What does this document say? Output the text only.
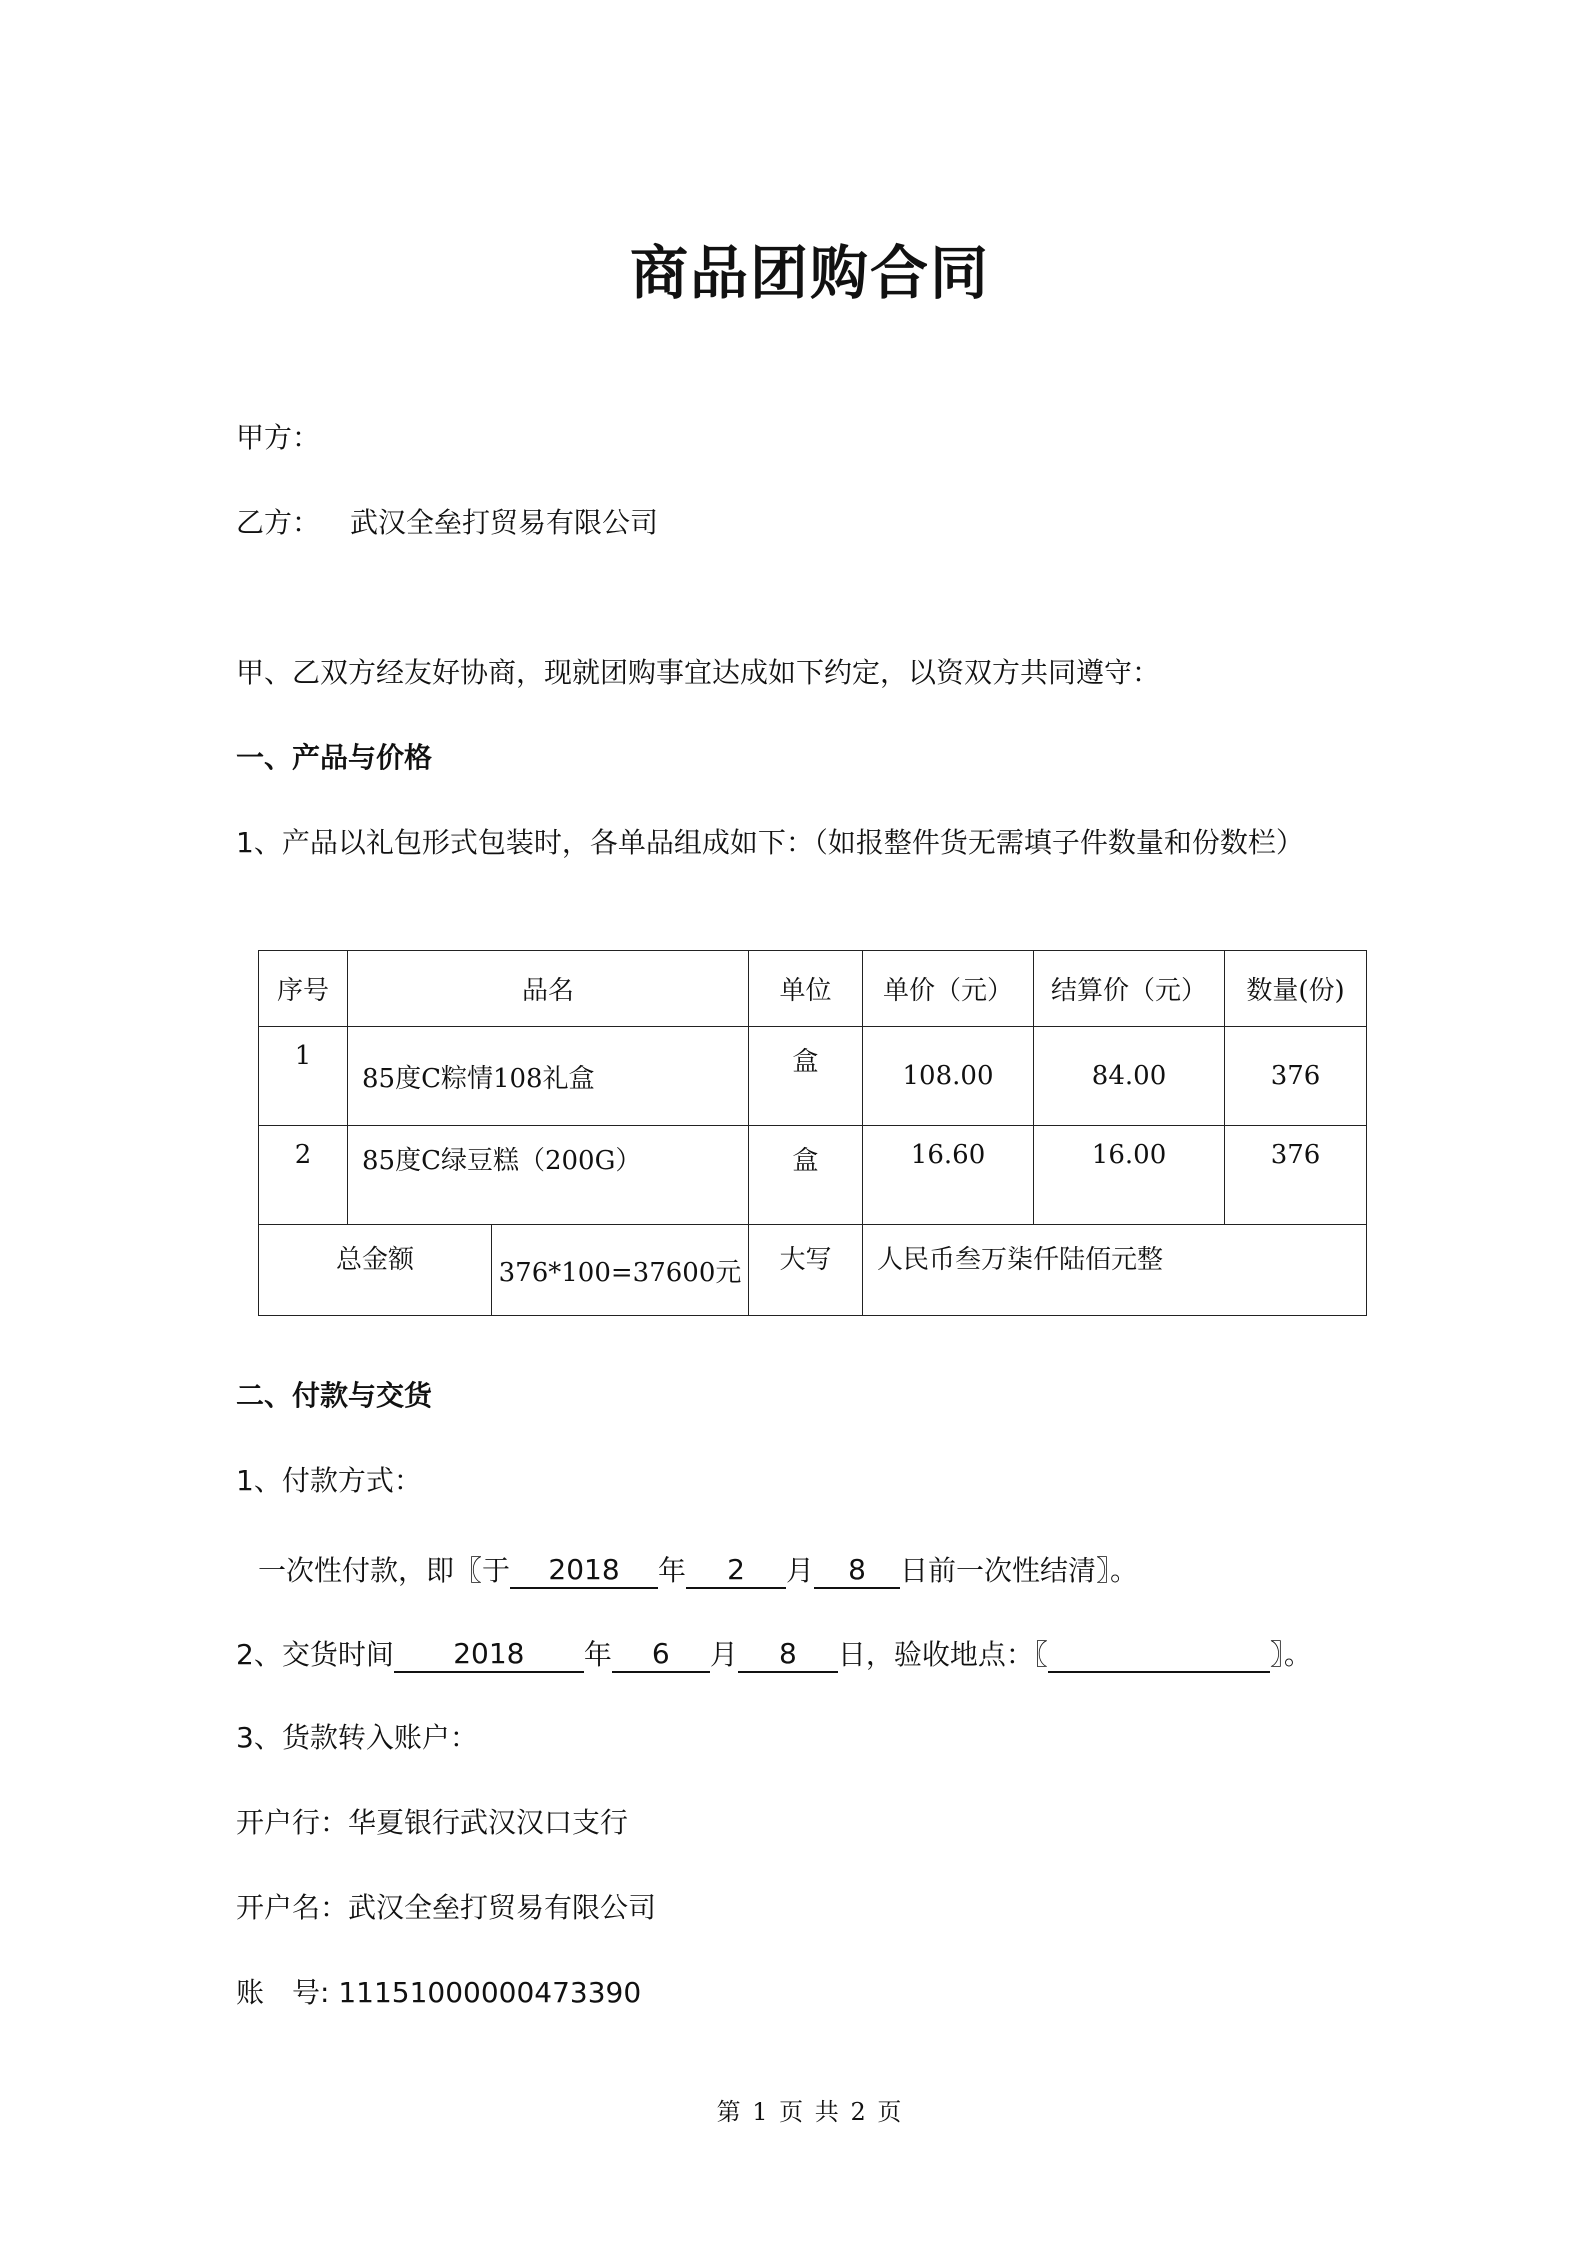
商品团购合同
甲方：
乙方： 武汉全垒打贸易有限公司
甲、乙双方经友好协商，现就团购事宜达成如下约定，以资双方共同遵守：
一、产品与价格
1、产品以礼包形式包装时，各单品组成如下：（如报整件货无需填子件数量和份数栏）
序号	品名		单位	单价（元）	结算价（元）	数量(份)
1	85度C粽情108礼盒		盒	108.00	84.00	376
2	85度C绿豆糕（200G）		盒	16.60	16.00	376
总金额		376*100=37600元	大写	人民币叁万柒仟陆佰元整		
二、付款与交货
1、付款方式：
一次性付款，即〖于 2018 年 2 月 8 日前一次性结清〗。
2、交货时间 2018 年 6 月 8 日，验收地点：〖	〗。
3、货款转入账户：
开户行：华夏银行武汉汉口支行
开户名：武汉全垒打贸易有限公司
账　号: 11151000000473390
第 1 页 共 2 页
